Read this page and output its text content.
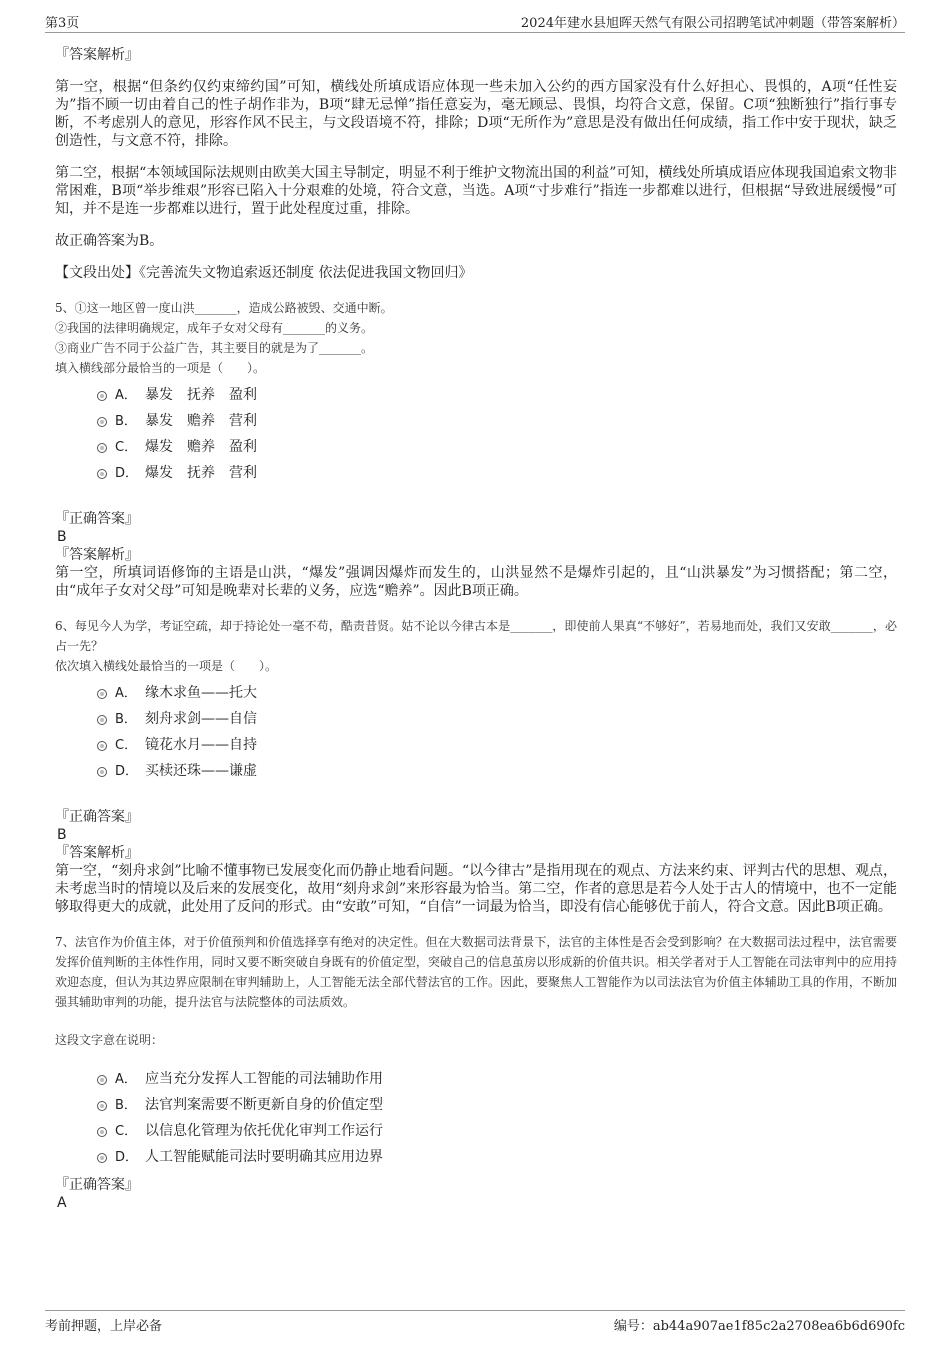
第3页	2024年建水县旭晖天然气有限公司招聘笔试冲刺题（带答案解析）

『答案解析』

第一空，根据“但条约仅约束缔约国”可知，横线处所填成语应体现一些未加入公约的西方国家没有什么好担心、畏惧的，A项“任性妄为”指不顾一切由着自己的性子胡作非为，B项“肆无忌惮”指任意妄为，毫无顾忌、畏惧，均符合文意，保留。C项“独断独行”指行事专断，不考虑别人的意见，形容作风不民主，与文段语境不符，排除；D项“无所作为”意思是没有做出任何成绩，指工作中安于现状，缺乏创造性，与文意不符，排除。

第二空，根据“本领域国际法规则由欧美大国主导制定，明显不利于维护文物流出国的利益”可知，横线处所填成语应体现我国追索文物非常困难，B项“举步维艰”形容已陷入十分艰难的处境，符合文意，当选。A项“寸步难行”指连一步都难以进行，但根据“导致进展缓慢”可知，并不是连一步都难以进行，置于此处程度过重，排除。

故正确答案为B。

【文段出处】《完善流失文物追索返还制度 依法促进我国文物回归》

5、①这一地区曾一度山洪_______，造成公路被毁、交通中断。

②我国的法律明确规定，成年子女对父母有_______的义务。

③商业广告不同于公益广告，其主要目的就是为了_______。

填入横线部分最恰当的一项是（　　）。

A． 暴发　抚养　盈利
B． 暴发　赡养　营利
C． 爆发　赡养　盈利
D． 爆发　抚养　营利

『正确答案』

B

『答案解析』

第一空，所填词语修饰的主语是山洪，“爆发”强调因爆炸而发生的，山洪显然不是爆炸引起的，且“山洪暴发”为习惯搭配；第二空，由“成年子女对父母”可知是晚辈对长辈的义务，应选“赡养”。因此B项正确。

6、每见今人为学，考证空疏，却于持论处一毫不苟，酷责昔贤。姑不论以今律古本是_______，即使前人果真“不够好”，若易地而处，我们又安敢_______，必占一先？

依次填入横线处最恰当的一项是（　　）。

A． 缘木求鱼——托大
B． 刻舟求剑——自信
C． 镜花水月——自持
D． 买椟还珠——谦虚

『正确答案』

B

『答案解析』

第一空，“刻舟求剑”比喻不懂事物已发展变化而仍静止地看问题。“以今律古”是指用现在的观点、方法来约束、评判古代的思想、观点，未考虑当时的情境以及后来的发展变化，故用“刻舟求剑”来形容最为恰当。第二空，作者的意思是若今人处于古人的情境中，也不一定能够取得更大的成就，此处用了反问的形式。由“安敢”可知，“自信”一词最为恰当，即没有信心能够优于前人，符合文意。因此B项正确。

7、法官作为价值主体，对于价值预判和价值选择享有绝对的决定性。但在大数据司法背景下，法官的主体性是否会受到影响？在大数据司法过程中，法官需要发挥价值判断的主体性作用，同时又要不断突破自身既有的价值定型，突破自己的信息茧房以形成新的价值共识。相关学者对于人工智能在司法审判中的应用持欢迎态度，但认为其边界应限制在审判辅助上，人工智能无法全部代替法官的工作。因此，要聚焦人工智能作为以司法法官为价值主体辅助工具的作用，不断加强其辅助审判的功能，提升法官与法院整体的司法质效。

这段文字意在说明：

A． 应当充分发挥人工智能的司法辅助作用
B． 法官判案需要不断更新自身的价值定型
C． 以信息化管理为依托优化审判工作运行
D． 人工智能赋能司法时要明确其应用边界

『正确答案』

A

考前押题，上岸必备	编号：ab44a907ae1f85c2a2708ea6b6d690fc
